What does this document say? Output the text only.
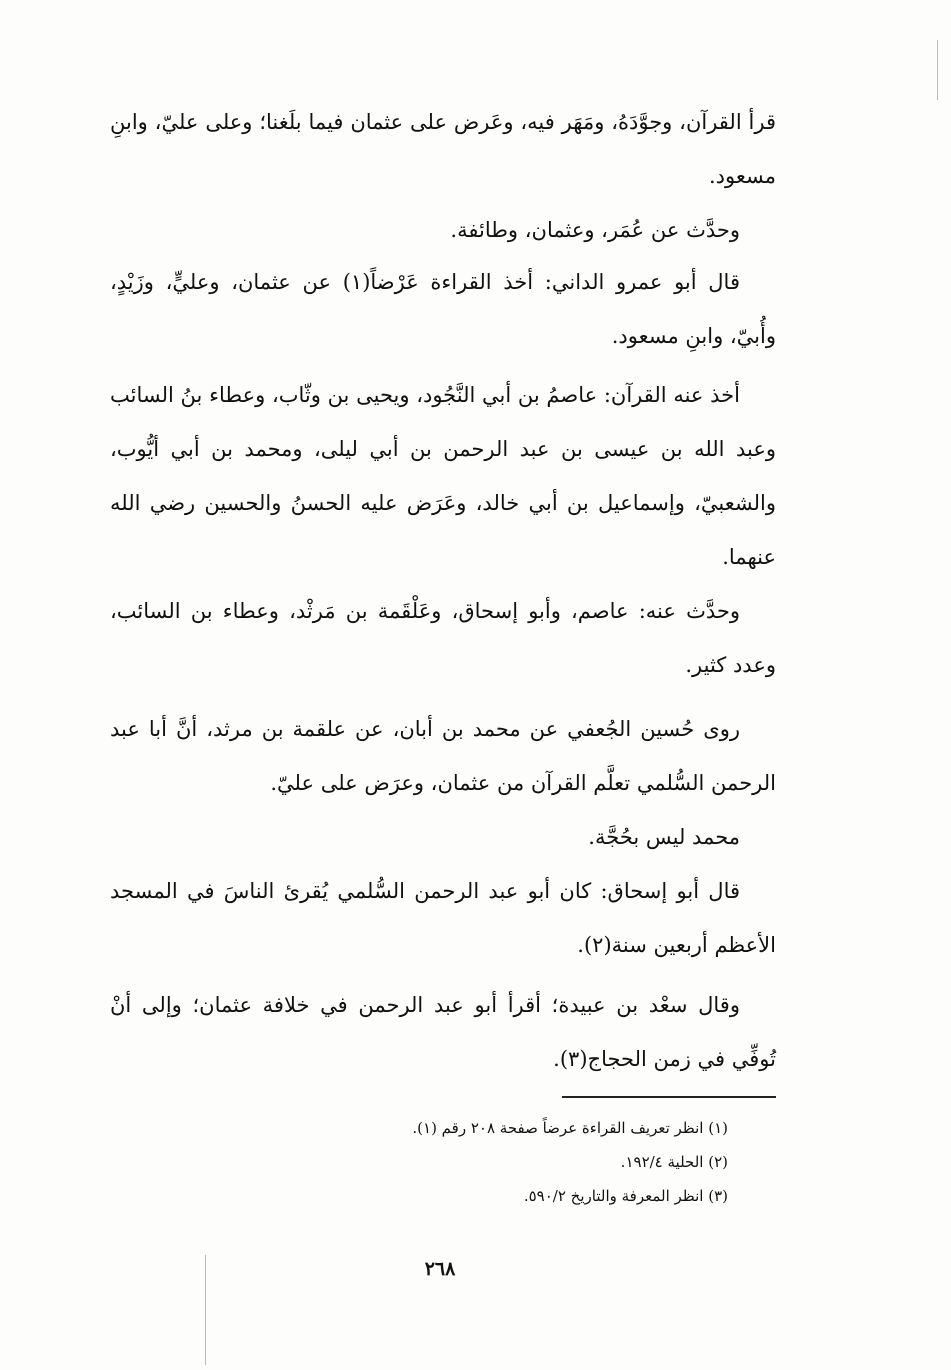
قرأ القرآن، وجوَّدَهُ، ومَهَر فيه، وعَرض على عثمان فيما بلَغنا؛ وعلى عليّ، وابنِ مسعود.

وحدَّث عن عُمَر، وعثمان، وطائفة.

قال أبو عمرو الداني: أخذ القراءة عَرْضاً(١) عن عثمان، وعليٍّ، وزَيْدٍ، وأُبيّ، وابنِ مسعود.

أخذ عنه القرآن: عاصمُ بن أبي النَّجُود، ويحيى بن وثّاب، وعطاء بنُ السائب وعبد الله بن عيسى بن عبد الرحمن بن أبي ليلى، ومحمد بن أبي أيُّوب، والشعبيّ، وإسماعيل بن أبي خالد، وعَرَض عليه الحسنُ والحسين رضي الله عنهما.

وحدَّث عنه: عاصم، وأبو إسحاق، وعَلْقَمة بن مَرثْد، وعطاء بن السائب، وعدد كثير.

روى حُسين الجُعفي عن محمد بن أبان، عن علقمة بن مرثد، أنَّ أبا عبد الرحمن السُّلمي تعلَّم القرآن من عثمان، وعرَض على عليّ.

محمد ليس بحُجَّة.

قال أبو إسحاق: كان أبو عبد الرحمن السُّلمي يُقرئ الناسَ في المسجد الأعظم أربعين سنة(٢).

وقال سعْد بن عبيدة؛ أقرأ أبو عبد الرحمن في خلافة عثمان؛ وإلى أنْ تُوفِّي في زمن الحجاج(٣).

(١) انظر تعريف القراءة عرضاً صفحة ٢٠٨ رقم (١).

(٢) الحلية ١٩٢/٤.

(٣) انظر المعرفة والتاريخ ٥٩٠/٢.

٢٦٨
